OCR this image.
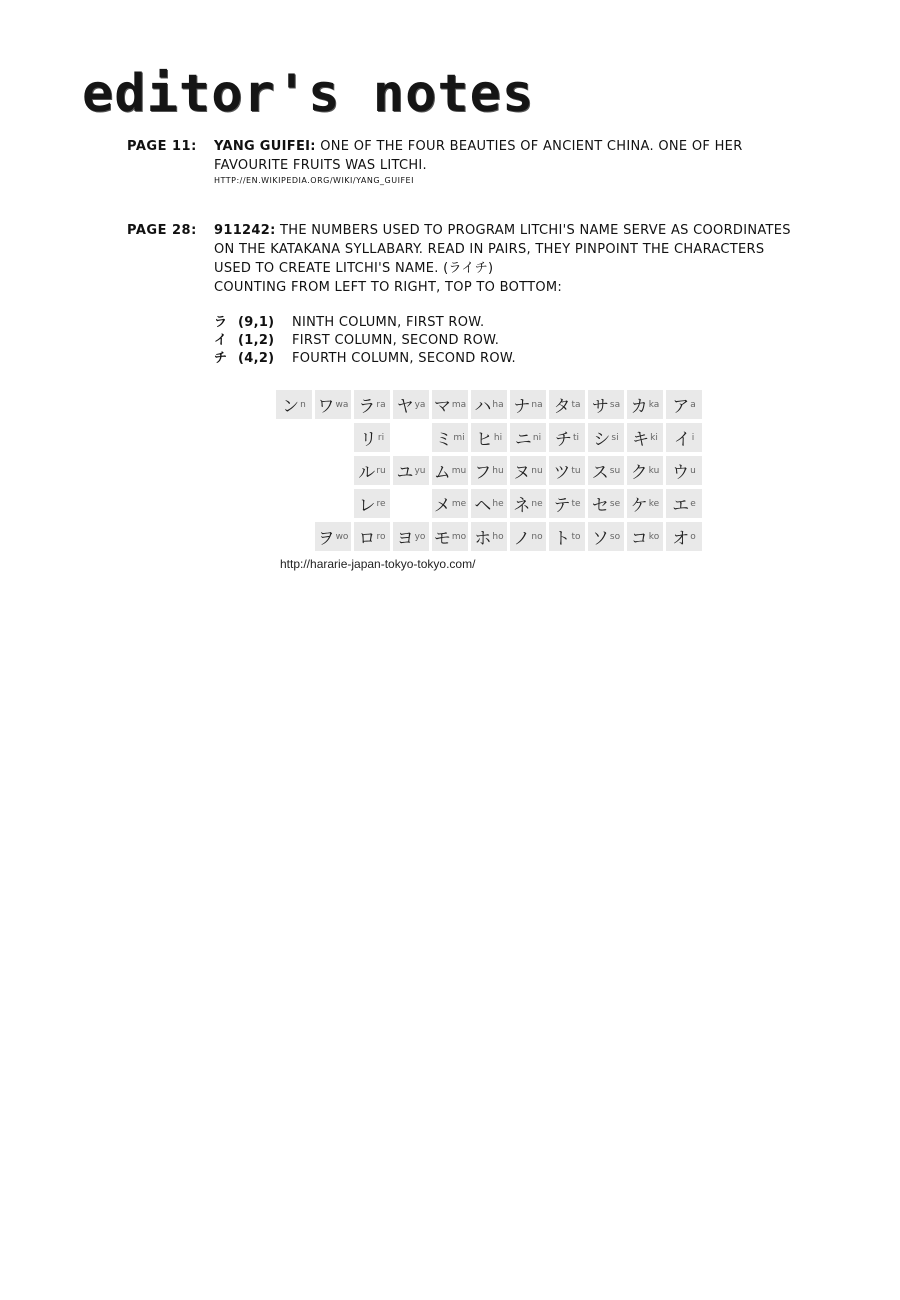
editor's notes
PAGE 11: YANG GUIFEI: ONE OF THE FOUR BEAUTIES OF ANCIENT CHINA. ONE OF HER
FAVOURITE FRUITS WAS LITCHI.
HTTP://EN.WIKIPEDIA.ORG/WIKI/YANG_GUIFEI
PAGE 28: 911242: THE NUMBERS USED TO PROGRAM LITCHI'S NAME SERVE AS COORDINATES
ON THE KATAKANA SYLLABARY. READ IN PAIRS, THEY PINPOINT THE CHARACTERS
USED TO CREATE LITCHI'S NAME. (ライチ)
COUNTING FROM LEFT TO RIGHT, TOP TO BOTTOM:
ラ (9,1) NINTH COLUMN, FIRST ROW.
イ (1,2) FIRST COLUMN, SECOND ROW.
チ (4,2) FOURTH COLUMN, SECOND ROW.
ン n ワ wa ラ ra ヤ ya マ ma ハ ha ナ na タ ta サ sa カ ka ア a
リ ri	ミ mi ヒ hi ニ ni チ ti シ si キ ki イ i
ル ru ユ yu ム mu フ hu ヌ nu ツ tu ス su ク ku ウ u
レ re	メ me ヘ he ネ ne テ te セ se ケ ke エ e
ヲ wo ロ ro ヨ yo モ mo ホ ho ノ no ト to ソ so コ ko オ o
http://hararie-japan-tokyo-tokyo.com/
